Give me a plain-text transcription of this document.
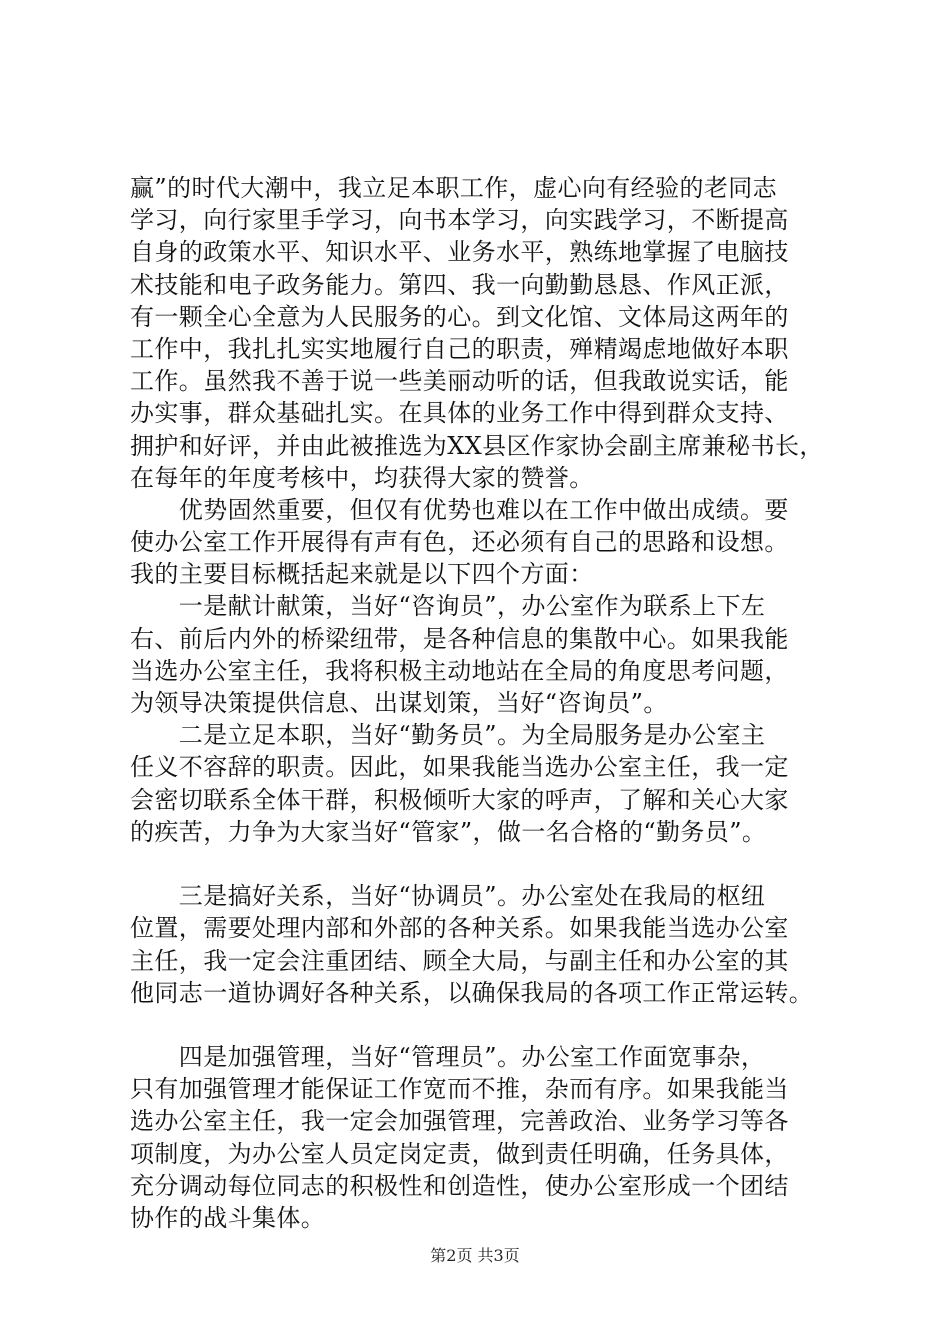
赢”的时代大潮中，我立足本职工作，虚心向有经验的老同志
学习，向行家里手学习，向书本学习，向实践学习，不断提高
自身的政策水平、知识水平、业务水平，熟练地掌握了电脑技
术技能和电子政务能力。第四、我一向勤勤恳恳、作风正派，
有一颗全心全意为人民服务的心。到文化馆、文体局这两年的
工作中，我扎扎实实地履行自己的职责，殚精竭虑地做好本职
工作。虽然我不善于说一些美丽动听的话，但我敢说实话，能
办实事，群众基础扎实。在具体的业务工作中得到群众支持、
拥护和好评，并由此被推选为XX县区作家协会副主席兼秘书长，
在每年的年度考核中，均获得大家的赞誉。
　　优势固然重要，但仅有优势也难以在工作中做出成绩。要
使办公室工作开展得有声有色，还必须有自己的思路和设想。
我的主要目标概括起来就是以下四个方面：
　　一是献计献策，当好“咨询员”，办公室作为联系上下左
右、前后内外的桥梁纽带，是各种信息的集散中心。如果我能
当选办公室主任，我将积极主动地站在全局的角度思考问题，
为领导决策提供信息、出谋划策，当好“咨询员”。
　　二是立足本职，当好“勤务员”。为全局服务是办公室主
任义不容辞的职责。因此，如果我能当选办公室主任，我一定
会密切联系全体干群，积极倾听大家的呼声，了解和关心大家
的疾苦，力争为大家当好“管家”，做一名合格的“勤务员”。
　　三是搞好关系，当好“协调员”。办公室处在我局的枢纽
位置，需要处理内部和外部的各种关系。如果我能当选办公室
主任，我一定会注重团结、顾全大局，与副主任和办公室的其
他同志一道协调好各种关系，以确保我局的各项工作正常运转。
　　四是加强管理，当好“管理员”。办公室工作面宽事杂，
只有加强管理才能保证工作宽而不推，杂而有序。如果我能当
选办公室主任，我一定会加强管理，完善政治、业务学习等各
项制度，为办公室人员定岗定责，做到责任明确，任务具体，
充分调动每位同志的积极性和创造性，使办公室形成一个团结
协作的战斗集体。
第2页 共3页
